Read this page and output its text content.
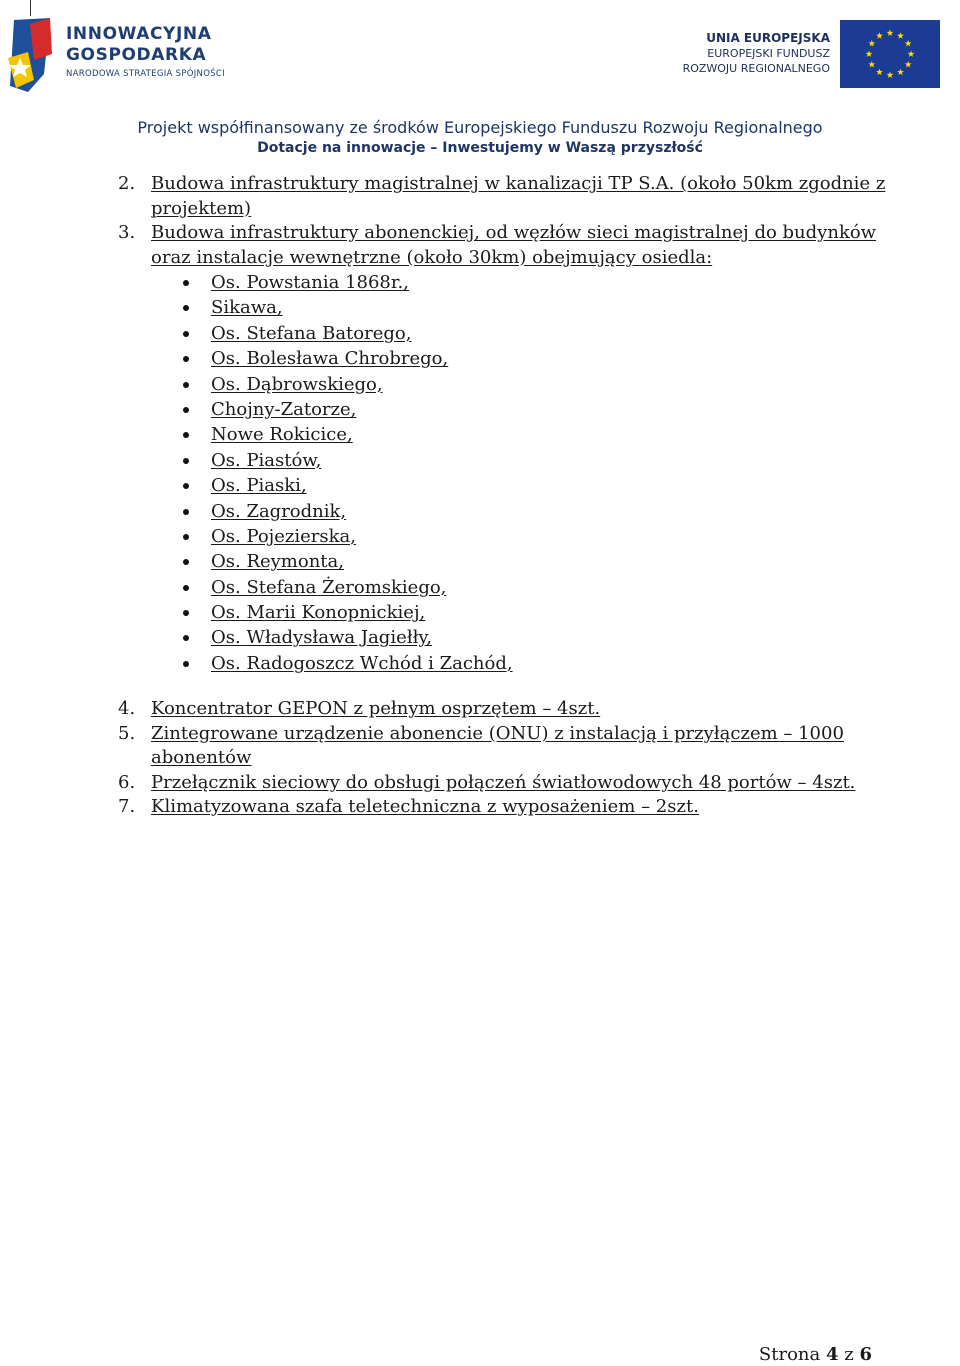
INNOWACYJNA
GOSPODARKA
NARODOWA STRATEGIA SPÓJNOŚCI
UNIA EUROPEJSKA
EUROPEJSKI FUNDUSZ
ROZWOJU REGIONALNEGO
Projekt współfinansowany ze środków Europejskiego Funduszu Rozwoju Regionalnego
Dotacje na innowacje – Inwestujemy w Waszą przyszłość
2. Budowa infrastruktury magistralnej w kanalizacji TP S.A. (około 50km zgodnie z projektem)
3. Budowa infrastruktury abonenckiej, od węzłów sieci magistralnej do budynków oraz instalacje wewnętrzne (około 30km) obejmujący osiedla:
Os. Powstania 1868r.,
Sikawa,
Os. Stefana Batorego,
Os. Bolesława Chrobrego,
Os. Dąbrowskiego,
Chojny-Zatorze,
Nowe Rokicice,
Os. Piastów,
Os. Piaski,
Os. Zagrodnik,
Os. Pojezierska,
Os. Reymonta,
Os. Stefana Żeromskiego,
Os. Marii Konopnickiej,
Os. Władysława Jagiełły,
Os. Radogoszcz Wchód i Zachód,
4. Koncentrator GEPON z pełnym osprzętem – 4szt.
5. Zintegrowane urządzenie abonencie (ONU) z instalacją i przyłączem – 1000 abonentów
6. Przełącznik sieciowy do obsługi połączeń światłowodowych 48 portów – 4szt.
7. Klimatyzowana szafa teletechniczna z wyposażeniem – 2szt.
Strona 4 z 6
